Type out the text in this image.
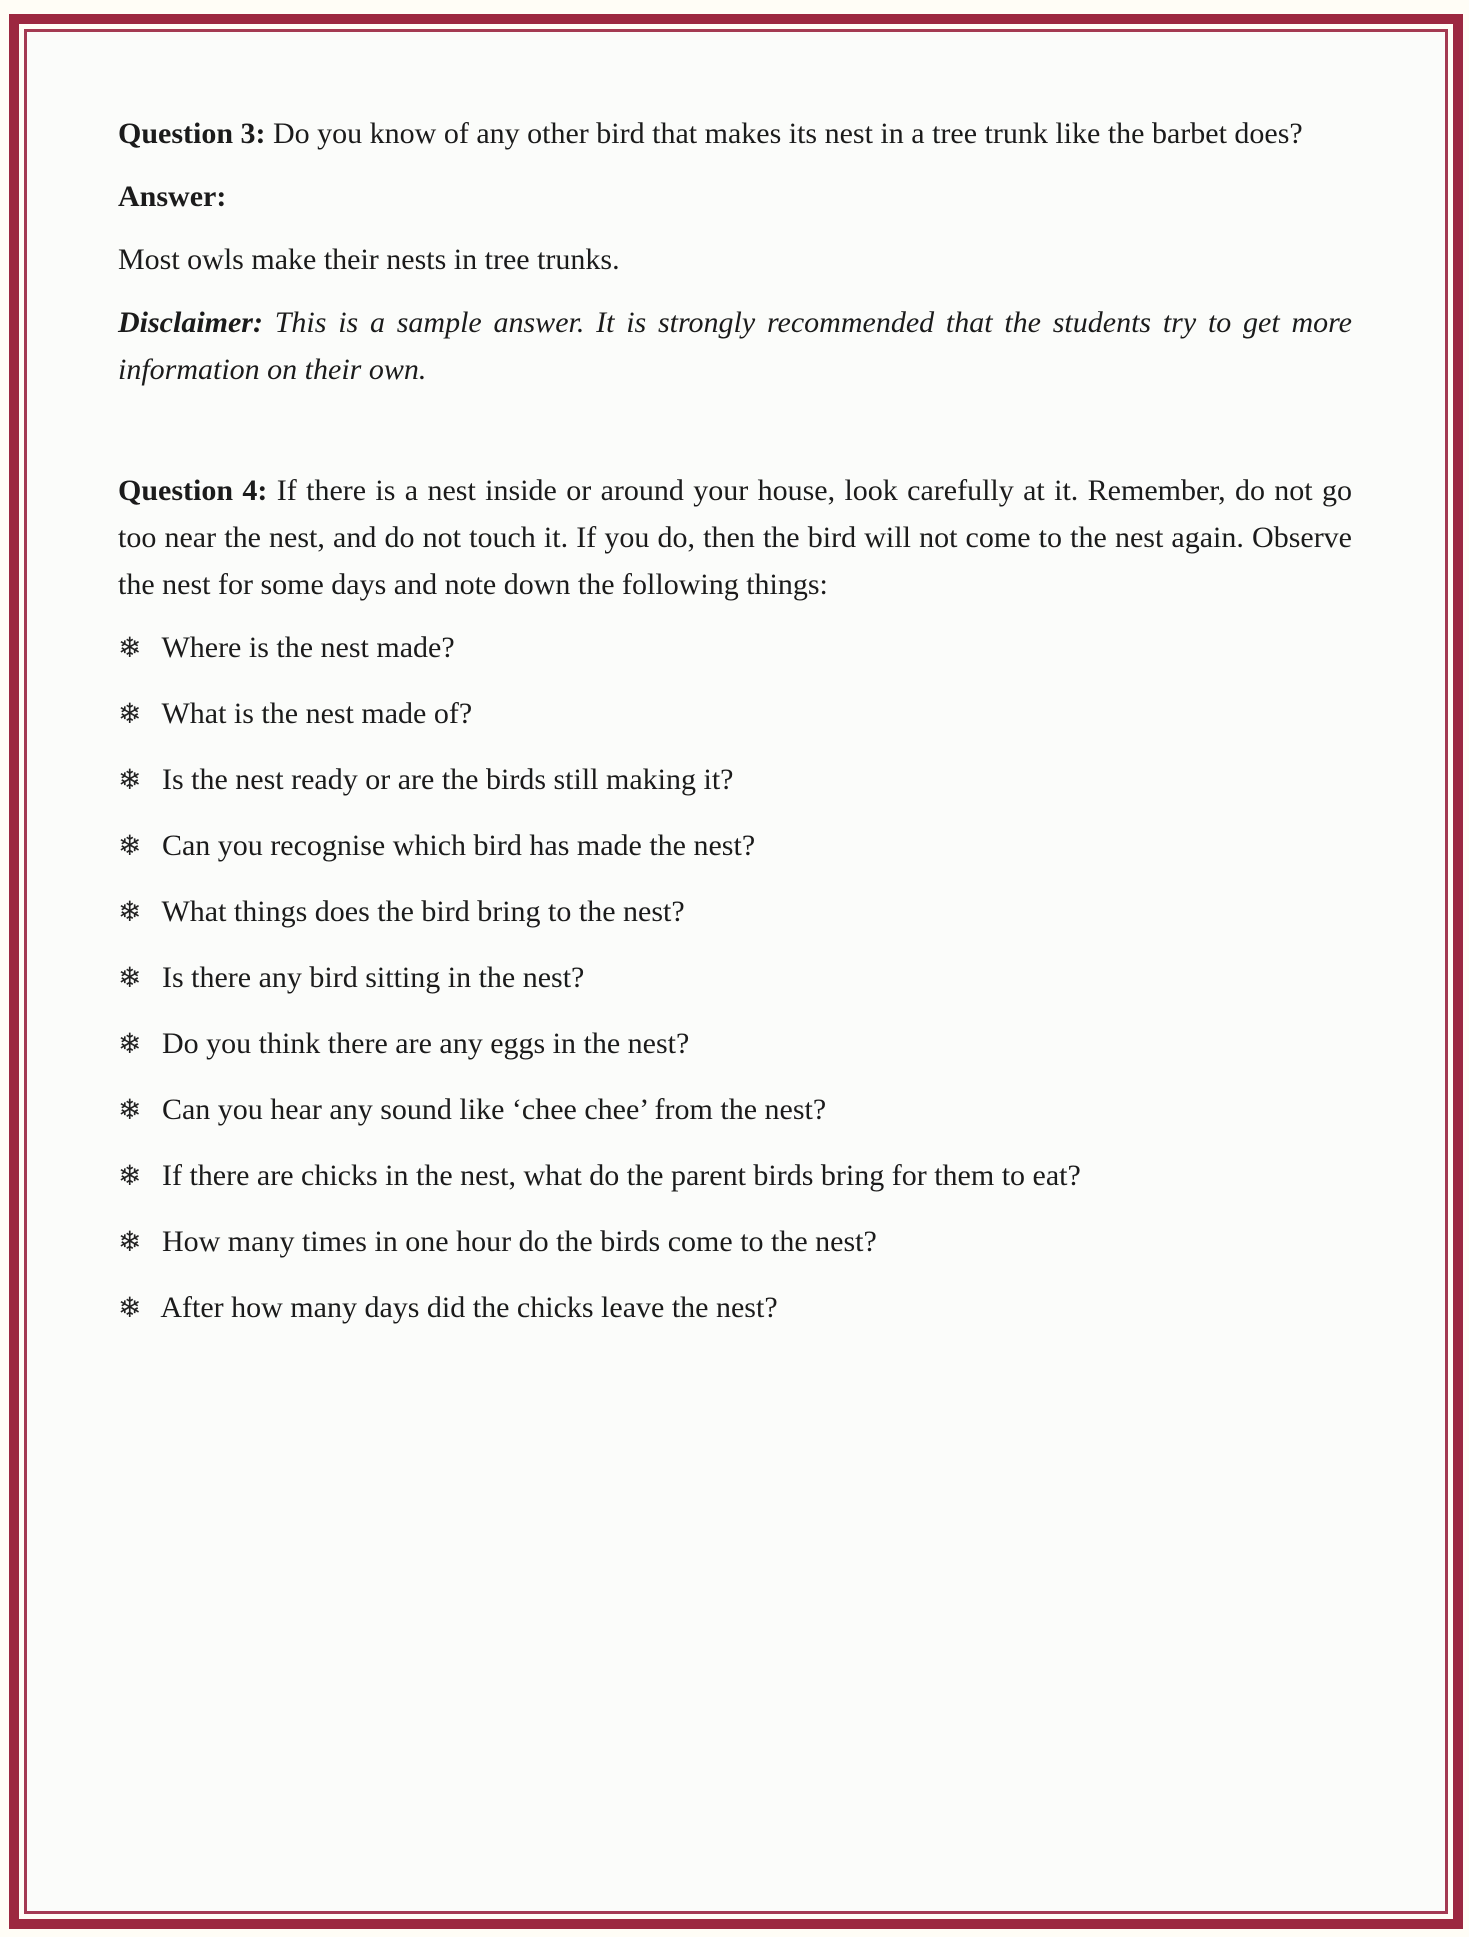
Question 3: Do you know of any other bird that makes its nest in a tree trunk like the barbet does?

Answer:

Most owls make their nests in tree trunks.

Disclaimer: This is a sample answer. It is strongly recommended that the students try to get more information on their own.

Question 4: If there is a nest inside or around your house, look carefully at it. Remember, do not go too near the nest, and do not touch it. If you do, then the bird will not come to the nest again. Observe the nest for some days and note down the following things:

❄ Where is the nest made?

❄ What is the nest made of?

❄ Is the nest ready or are the birds still making it?

❄ Can you recognise which bird has made the nest?

❄ What things does the bird bring to the nest?

❄ Is there any bird sitting in the nest?

❄ Do you think there are any eggs in the nest?

❄ Can you hear any sound like ‘chee chee’ from the nest?

❄ If there are chicks in the nest, what do the parent birds bring for them to eat?

❄ How many times in one hour do the birds come to the nest?

❄ After how many days did the chicks leave the nest?
